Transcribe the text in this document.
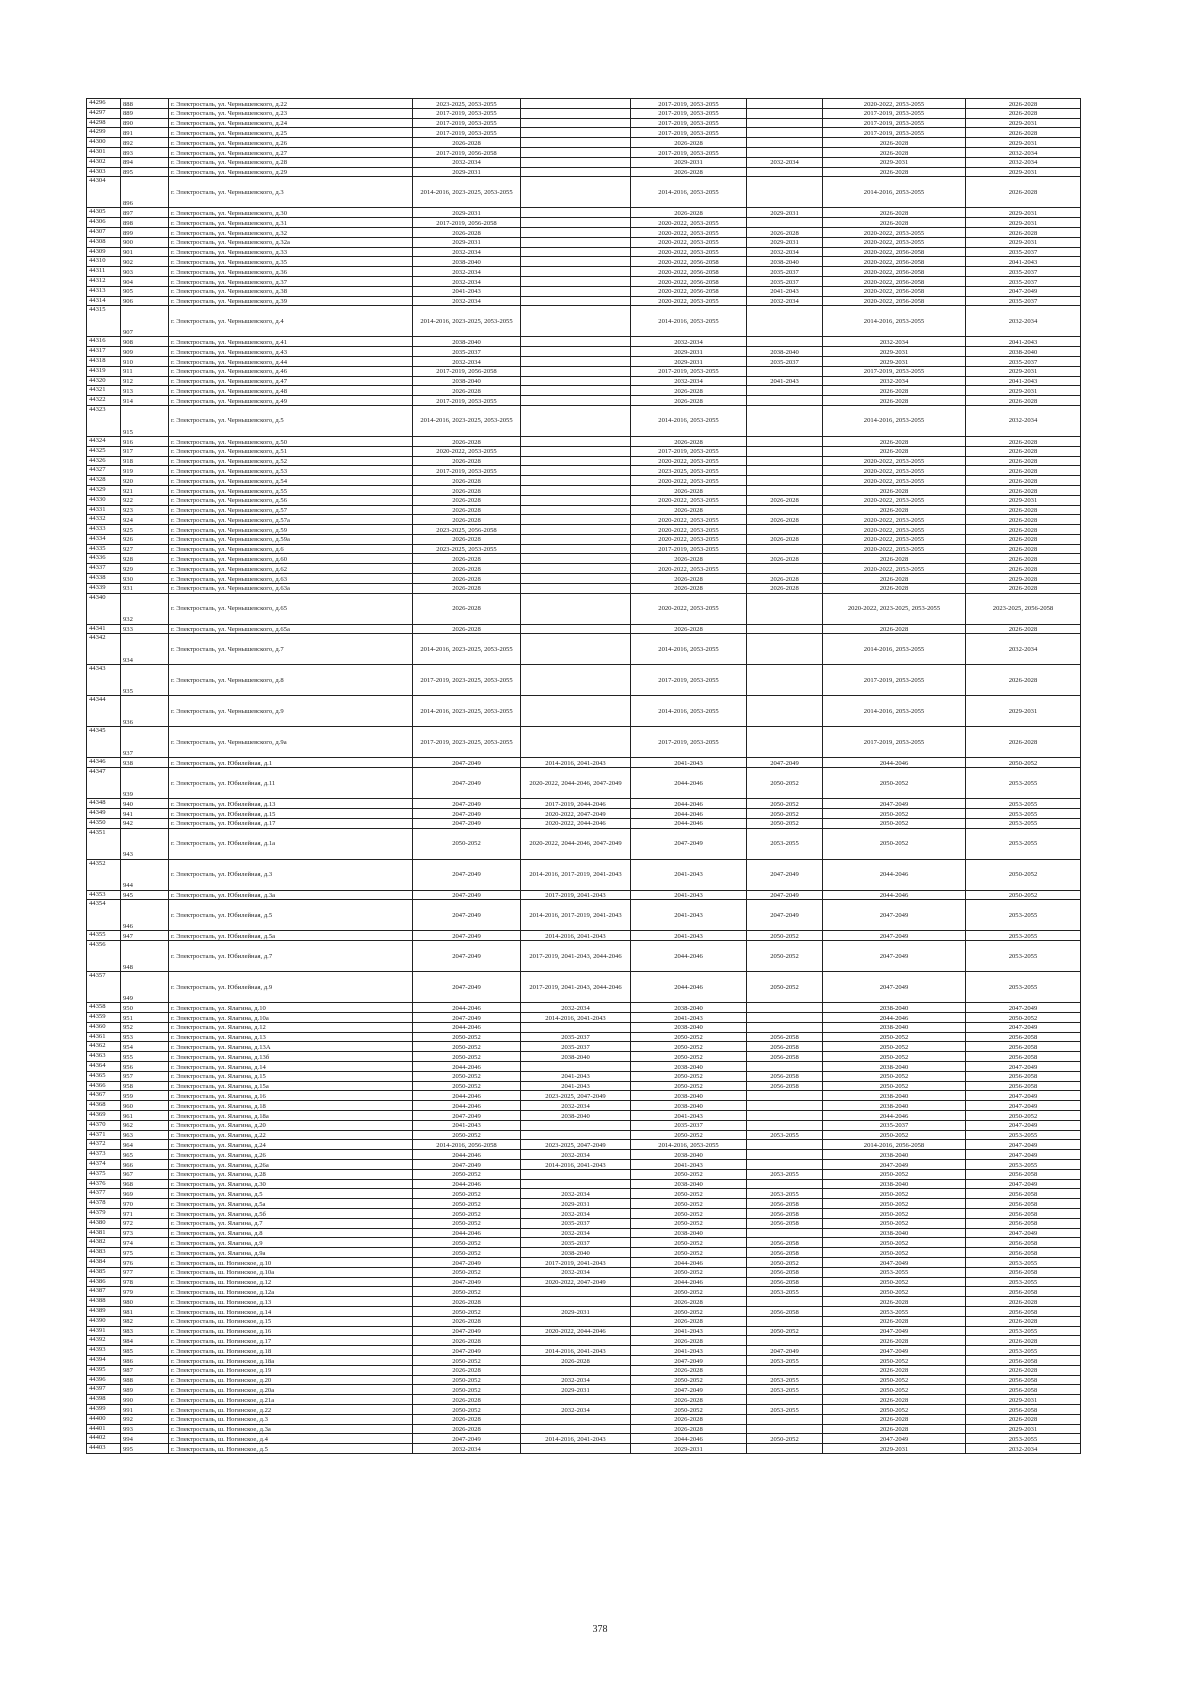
44296	888	г. Электросталь, ул. Чернышевского, д.22	2023-2025, 2053-2055		2017-2019, 2053-2055		2020-2022, 2053-2055	2026-2028
44297	889	г. Электросталь, ул. Чернышевского, д.23	2017-2019, 2053-2055		2017-2019, 2053-2055		2017-2019, 2053-2055	2026-2028
44298	890	г. Электросталь, ул. Чернышевского, д.24	2017-2019, 2053-2055		2017-2019, 2053-2055		2017-2019, 2053-2055	2029-2031
44299	891	г. Электросталь, ул. Чернышевского, д.25	2017-2019, 2053-2055		2017-2019, 2053-2055		2017-2019, 2053-2055	2026-2028
44300	892	г. Электросталь, ул. Чернышевского, д.26	2026-2028		2026-2028		2026-2028	2029-2031
44301	893	г. Электросталь, ул. Чернышевского, д.27	2017-2019, 2056-2058		2017-2019, 2053-2055		2026-2028	2032-2034
44302	894	г. Электросталь, ул. Чернышевского, д.28	2032-2034		2029-2031	2032-2034	2029-2031	2032-2034
44303	895	г. Электросталь, ул. Чернышевского, д.29	2029-2031		2026-2028		2026-2028	2029-2031
44304	896	г. Электросталь, ул. Чернышевского, д.3	2014-2016, 2023-2025, 2053-2055		2014-2016, 2053-2055		2014-2016, 2053-2055	2026-2028
44305	897	г. Электросталь, ул. Чернышевского, д.30	2029-2031		2026-2028	2029-2031	2026-2028	2029-2031
44306	898	г. Электросталь, ул. Чернышевского, д.31	2017-2019, 2056-2058		2020-2022, 2053-2055		2026-2028	2029-2031
44307	899	г. Электросталь, ул. Чернышевского, д.32	2026-2028		2020-2022, 2053-2055	2026-2028	2020-2022, 2053-2055	2026-2028
44308	900	г. Электросталь, ул. Чернышевского, д.32а	2029-2031		2020-2022, 2053-2055	2029-2031	2020-2022, 2053-2055	2029-2031
44309	901	г. Электросталь, ул. Чернышевского, д.33	2032-2034		2020-2022, 2053-2055	2032-2034	2020-2022, 2056-2058	2035-2037
44310	902	г. Электросталь, ул. Чернышевского, д.35	2038-2040		2020-2022, 2056-2058	2038-2040	2020-2022, 2056-2058	2041-2043
44311	903	г. Электросталь, ул. Чернышевского, д.36	2032-2034		2020-2022, 2056-2058	2035-2037	2020-2022, 2056-2058	2035-2037
44312	904	г. Электросталь, ул. Чернышевского, д.37	2032-2034		2020-2022, 2056-2058	2035-2037	2020-2022, 2056-2058	2035-2037
44313	905	г. Электросталь, ул. Чернышевского, д.38	2041-2043		2020-2022, 2056-2058	2041-2043	2020-2022, 2056-2058	2047-2049
44314	906	г. Электросталь, ул. Чернышевского, д.39	2032-2034		2020-2022, 2053-2055	2032-2034	2020-2022, 2056-2058	2035-2037
44315	907	г. Электросталь, ул. Чернышевского, д.4	2014-2016, 2023-2025, 2053-2055		2014-2016, 2053-2055		2014-2016, 2053-2055	2032-2034
44316	908	г. Электросталь, ул. Чернышевского, д.41	2038-2040		2032-2034		2032-2034	2041-2043
44317	909	г. Электросталь, ул. Чернышевского, д.43	2035-2037		2029-2031	2038-2040	2029-2031	2038-2040
44318	910	г. Электросталь, ул. Чернышевского, д.44	2032-2034		2029-2031	2035-2037	2029-2031	2035-2037
44319	911	г. Электросталь, ул. Чернышевского, д.46	2017-2019, 2056-2058		2017-2019, 2053-2055		2017-2019, 2053-2055	2029-2031
44320	912	г. Электросталь, ул. Чернышевского, д.47	2038-2040		2032-2034	2041-2043	2032-2034	2041-2043
44321	913	г. Электросталь, ул. Чернышевского, д.48	2026-2028		2026-2028		2026-2028	2029-2031
44322	914	г. Электросталь, ул. Чернышевского, д.49	2017-2019, 2053-2055		2026-2028		2026-2028	2026-2028
44323	915	г. Электросталь, ул. Чернышевского, д.5	2014-2016, 2023-2025, 2053-2055		2014-2016, 2053-2055		2014-2016, 2053-2055	2032-2034
44324	916	г. Электросталь, ул. Чернышевского, д.50	2026-2028		2026-2028		2026-2028	2026-2028
44325	917	г. Электросталь, ул. Чернышевского, д.51	2020-2022, 2053-2055		2017-2019, 2053-2055		2026-2028	2026-2028
44326	918	г. Электросталь, ул. Чернышевского, д.52	2026-2028		2020-2022, 2053-2055		2020-2022, 2053-2055	2026-2028
44327	919	г. Электросталь, ул. Чернышевского, д.53	2017-2019, 2053-2055		2023-2025, 2053-2055		2020-2022, 2053-2055	2026-2028
44328	920	г. Электросталь, ул. Чернышевского, д.54	2026-2028		2020-2022, 2053-2055		2020-2022, 2053-2055	2026-2028
44329	921	г. Электросталь, ул. Чернышевского, д.55	2026-2028		2026-2028		2026-2028	2026-2028
44330	922	г. Электросталь, ул. Чернышевского, д.56	2026-2028		2020-2022, 2053-2055	2026-2028	2020-2022, 2053-2055	2029-2031
44331	923	г. Электросталь, ул. Чернышевского, д.57	2026-2028		2026-2028		2026-2028	2026-2028
44332	924	г. Электросталь, ул. Чернышевского, д.57а	2026-2028		2020-2022, 2053-2055	2026-2028	2020-2022, 2053-2055	2026-2028
44333	925	г. Электросталь, ул. Чернышевского, д.59	2023-2025, 2056-2058		2020-2022, 2053-2055		2020-2022, 2053-2055	2026-2028
44334	926	г. Электросталь, ул. Чернышевского, д.59а	2026-2028		2020-2022, 2053-2055	2026-2028	2020-2022, 2053-2055	2026-2028
44335	927	г. Электросталь, ул. Чернышевского, д.6	2023-2025, 2053-2055		2017-2019, 2053-2055		2020-2022, 2053-2055	2026-2028
44336	928	г. Электросталь, ул. Чернышевского, д.60	2026-2028		2026-2028	2026-2028	2026-2028	2026-2028
44337	929	г. Электросталь, ул. Чернышевского, д.62	2026-2028		2020-2022, 2053-2055		2020-2022, 2053-2055	2026-2028
44338	930	г. Электросталь, ул. Чернышевского, д.63	2026-2028		2026-2028	2026-2028	2026-2028	2029-2028
44339	931	г. Электросталь, ул. Чернышевского, д.63а	2026-2028		2026-2028	2026-2028	2026-2028	2026-2028
44340	932	г. Электросталь, ул. Чернышевского, д.65	2026-2028		2020-2022, 2053-2055		2020-2022, 2023-2025, 2053-2055	2023-2025, 2056-2058
44341	933	г. Электросталь, ул. Чернышевского, д.65а	2026-2028		2026-2028		2026-2028	2026-2028
44342	934	г. Электросталь, ул. Чернышевского, д.7	2014-2016, 2023-2025, 2053-2055		2014-2016, 2053-2055		2014-2016, 2053-2055	2032-2034
44343	935	г. Электросталь, ул. Чернышевского, д.8	2017-2019, 2023-2025, 2053-2055		2017-2019, 2053-2055		2017-2019, 2053-2055	2026-2028
44344	936	г. Электросталь, ул. Чернышевского, д.9	2014-2016, 2023-2025, 2053-2055		2014-2016, 2053-2055		2014-2016, 2053-2055	2029-2031
44345	937	г. Электросталь, ул. Чернышевского, д.9а	2017-2019, 2023-2025, 2053-2055		2017-2019, 2053-2055		2017-2019, 2053-2055	2026-2028
44346	938	г. Электросталь, ул. Юбилейная, д.1	2047-2049	2014-2016, 2041-2043	2041-2043	2047-2049	2044-2046	2050-2052
44347	939	г. Электросталь, ул. Юбилейная, д.11	2047-2049	2020-2022, 2044-2046, 2047-2049	2044-2046	2050-2052	2050-2052	2053-2055
44348	940	г. Электросталь, ул. Юбилейная, д.13	2047-2049	2017-2019, 2044-2046	2044-2046	2050-2052	2047-2049	2053-2055
44349	941	г. Электросталь, ул. Юбилейная, д.15	2047-2049	2020-2022, 2047-2049	2044-2046	2050-2052	2050-2052	2053-2055
44350	942	г. Электросталь, ул. Юбилейная, д.17	2047-2049	2020-2022, 2044-2046	2044-2046	2050-2052	2050-2052	2053-2055
44351	943	г. Электросталь, ул. Юбилейная, д.1а	2050-2052	2020-2022, 2044-2046, 2047-2049	2047-2049	2053-2055	2050-2052	2053-2055
44352	944	г. Электросталь, ул. Юбилейная, д.3	2047-2049	2014-2016, 2017-2019, 2041-2043	2041-2043	2047-2049	2044-2046	2050-2052
44353	945	г. Электросталь, ул. Юбилейная, д.3а	2047-2049	2017-2019, 2041-2043	2041-2043	2047-2049	2044-2046	2050-2052
44354	946	г. Электросталь, ул. Юбилейная, д.5	2047-2049	2014-2016, 2017-2019, 2041-2043	2041-2043	2047-2049	2047-2049	2053-2055
44355	947	г. Электросталь, ул. Юбилейная, д.5а	2047-2049	2014-2016, 2041-2043	2041-2043	2050-2052	2047-2049	2053-2055
44356	948	г. Электросталь, ул. Юбилейная, д.7	2047-2049	2017-2019, 2041-2043, 2044-2046	2044-2046	2050-2052	2047-2049	2053-2055
44357	949	г. Электросталь, ул. Юбилейная, д.9	2047-2049	2017-2019, 2041-2043, 2044-2046	2044-2046	2050-2052	2047-2049	2053-2055
44358	950	г. Электросталь, ул. Ялагина, д.10	2044-2046	2032-2034	2038-2040		2038-2040	2047-2049
44359	951	г. Электросталь, ул. Ялагина, д.10а	2047-2049	2014-2016, 2041-2043	2041-2043		2044-2046	2050-2052
44360	952	г. Электросталь, ул. Ялагина, д.12	2044-2046		2038-2040		2038-2040	2047-2049
44361	953	г. Электросталь, ул. Ялагина, д.13	2050-2052	2035-2037	2050-2052	2056-2058	2050-2052	2056-2058
44362	954	г. Электросталь, ул. Ялагина, д.13А	2050-2052	2035-2037	2050-2052	2056-2058	2050-2052	2056-2058
44363	955	г. Электросталь, ул. Ялагина, д.13б	2050-2052	2038-2040	2050-2052	2056-2058	2050-2052	2056-2058
44364	956	г. Электросталь, ул. Ялагина, д.14	2044-2046		2038-2040		2038-2040	2047-2049
44365	957	г. Электросталь, ул. Ялагина, д.15	2050-2052	2041-2043	2050-2052	2056-2058	2050-2052	2056-2058
44366	958	г. Электросталь, ул. Ялагина, д.15а	2050-2052	2041-2043	2050-2052	2056-2058	2050-2052	2056-2058
44367	959	г. Электросталь, ул. Ялагина, д.16	2044-2046	2023-2025, 2047-2049	2038-2040		2038-2040	2047-2049
44368	960	г. Электросталь, ул. Ялагина, д.18	2044-2046	2032-2034	2038-2040		2038-2040	2047-2049
44369	961	г. Электросталь, ул. Ялагина, д.18а	2047-2049	2038-2040	2041-2043		2044-2046	2050-2052
44370	962	г. Электросталь, ул. Ялагина, д.20	2041-2043		2035-2037		2035-2037	2047-2049
44371	963	г. Электросталь, ул. Ялагина, д.22	2050-2052		2050-2052	2053-2055	2050-2052	2053-2055
44372	964	г. Электросталь, ул. Ялагина, д.24	2014-2016, 2056-2058	2023-2025, 2047-2049	2014-2016, 2053-2055		2014-2016, 2056-2058	2047-2049
44373	965	г. Электросталь, ул. Ялагина, д.26	2044-2046	2032-2034	2038-2040		2038-2040	2047-2049
44374	966	г. Электросталь, ул. Ялагина, д.26а	2047-2049	2014-2016, 2041-2043	2041-2043		2047-2049	2053-2055
44375	967	г. Электросталь, ул. Ялагина, д.28	2050-2052		2050-2052	2053-2055	2050-2052	2056-2058
44376	968	г. Электросталь, ул. Ялагина, д.30	2044-2046		2038-2040		2038-2040	2047-2049
44377	969	г. Электросталь, ул. Ялагина, д.5	2050-2052	2032-2034	2050-2052	2053-2055	2050-2052	2056-2058
44378	970	г. Электросталь, ул. Ялагина, д.5а	2050-2052	2029-2031	2050-2052	2056-2058	2050-2052	2056-2058
44379	971	г. Электросталь, ул. Ялагина, д.5б	2050-2052	2032-2034	2050-2052	2056-2058	2050-2052	2056-2058
44380	972	г. Электросталь, ул. Ялагина, д.7	2050-2052	2035-2037	2050-2052	2056-2058	2050-2052	2056-2058
44381	973	г. Электросталь, ул. Ялагина, д.8	2044-2046	2032-2034	2038-2040		2038-2040	2047-2049
44382	974	г. Электросталь, ул. Ялагина, д.9	2050-2052	2035-2037	2050-2052	2056-2058	2050-2052	2056-2058
44383	975	г. Электросталь, ул. Ялагина, д.9а	2050-2052	2038-2040	2050-2052	2056-2058	2050-2052	2056-2058
44384	976	г. Электросталь, ш. Ногинское, д.10	2047-2049	2017-2019, 2041-2043	2044-2046	2050-2052	2047-2049	2053-2055
44385	977	г. Электросталь, ш. Ногинское, д.10а	2050-2052	2032-2034	2050-2052	2056-2058	2053-2055	2056-2058
44386	978	г. Электросталь, ш. Ногинское, д.12	2047-2049	2020-2022, 2047-2049	2044-2046	2056-2058	2050-2052	2053-2055
44387	979	г. Электросталь, ш. Ногинское, д.12а	2050-2052		2050-2052	2053-2055	2050-2052	2056-2058
44388	980	г. Электросталь, ш. Ногинское, д.13	2026-2028		2026-2028		2026-2028	2026-2028
44389	981	г. Электросталь, ш. Ногинское, д.14	2050-2052	2029-2031	2050-2052	2056-2058	2053-2055	2056-2058
44390	982	г. Электросталь, ш. Ногинское, д.15	2026-2028		2026-2028		2026-2028	2026-2028
44391	983	г. Электросталь, ш. Ногинское, д.16	2047-2049	2020-2022, 2044-2046	2041-2043	2050-2052	2047-2049	2053-2055
44392	984	г. Электросталь, ш. Ногинское, д.17	2026-2028		2026-2028		2026-2028	2026-2028
44393	985	г. Электросталь, ш. Ногинское, д.18	2047-2049	2014-2016, 2041-2043	2041-2043	2047-2049	2047-2049	2053-2055
44394	986	г. Электросталь, ш. Ногинское, д.18а	2050-2052	2026-2028	2047-2049	2053-2055	2050-2052	2056-2058
44395	987	г. Электросталь, ш. Ногинское, д.19	2026-2028		2026-2028		2026-2028	2026-2028
44396	988	г. Электросталь, ш. Ногинское, д.20	2050-2052	2032-2034	2050-2052	2053-2055	2050-2052	2056-2058
44397	989	г. Электросталь, ш. Ногинское, д.20а	2050-2052	2029-2031	2047-2049	2053-2055	2050-2052	2056-2058
44398	990	г. Электросталь, ш. Ногинское, д.21а	2026-2028		2026-2028		2026-2028	2029-2031
44399	991	г. Электросталь, ш. Ногинское, д.22	2050-2052	2032-2034	2050-2052	2053-2055	2050-2052	2056-2058
44400	992	г. Электросталь, ш. Ногинское, д.3	2026-2028		2026-2028		2026-2028	2026-2028
44401	993	г. Электросталь, ш. Ногинское, д.3а	2026-2028		2026-2028		2026-2028	2029-2031
44402	994	г. Электросталь, ш. Ногинское, д.4	2047-2049	2014-2016, 2041-2043	2044-2046	2050-2052	2047-2049	2053-2055
44403	995	г. Электросталь, ш. Ногинское, д.5	2032-2034		2029-2031		2029-2031	2032-2034
378
